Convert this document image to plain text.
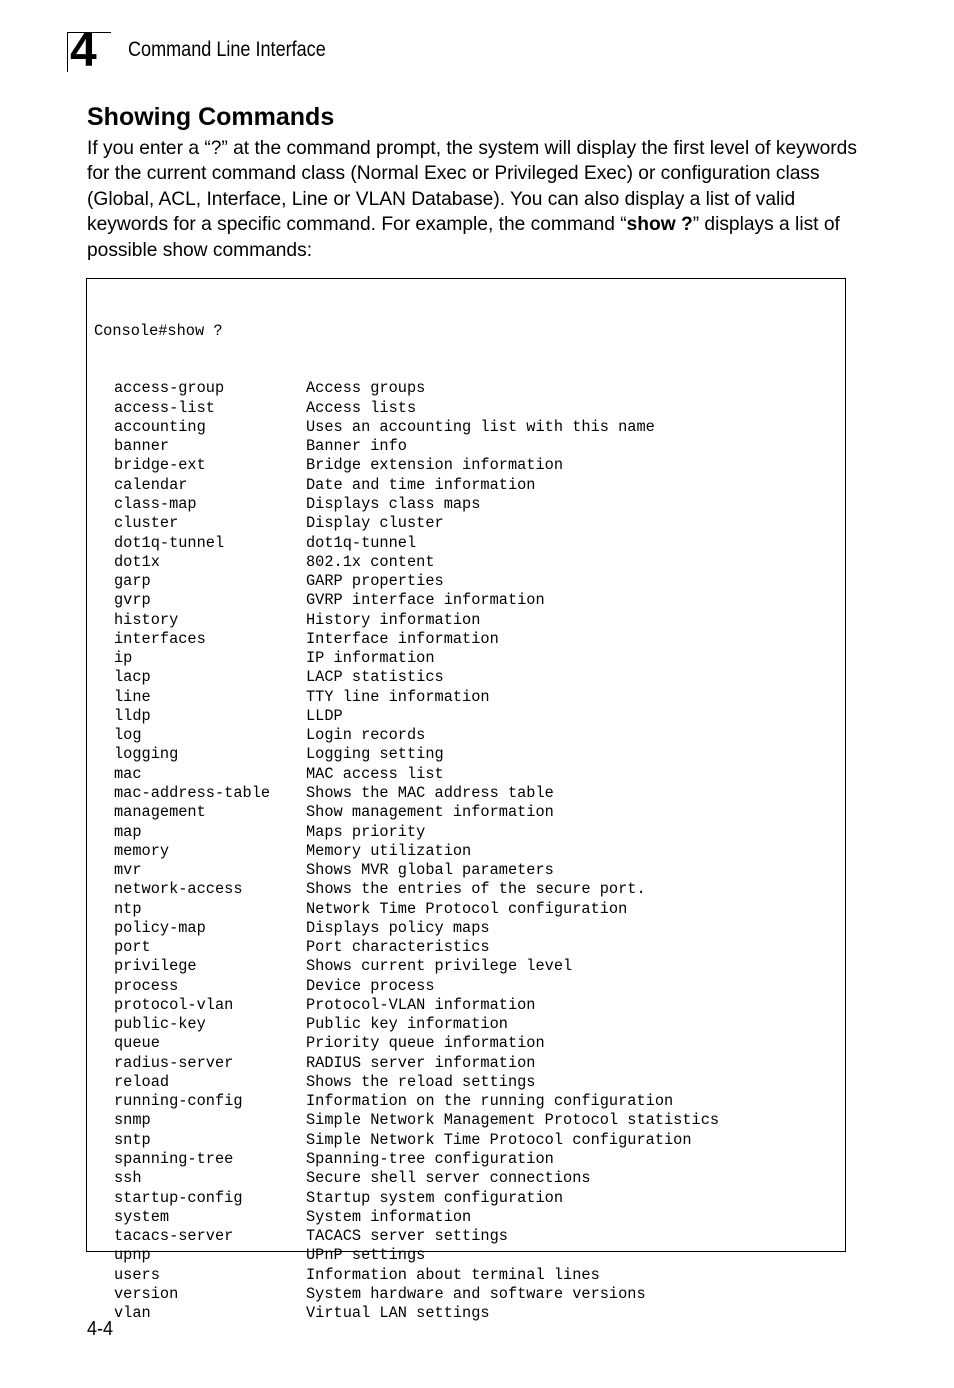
4 Command Line Interface
Showing Commands

If you enter a “?” at the command prompt, the system will display the first level of keywords for the current command class (Normal Exec or Privileged Exec) or configuration class (Global, ACL, Interface, Line or VLAN Database). You can also display a list of valid keywords for a specific command. For example, the command “show ?” displays a list of possible show commands:

Console#show ?

access-group	Access groups
access-list	Access lists
accounting	Uses an accounting list with this name
banner	Banner info
bridge-ext	Bridge extension information
calendar	Date and time information
class-map	Displays class maps
cluster	Display cluster
dot1q-tunnel	dot1q-tunnel
dot1x	802.1x content
garp	GARP properties
gvrp	GVRP interface information
history	History information
interfaces	Interface information
ip	IP information
lacp	LACP statistics
line	TTY line information
lldp	LLDP
log	Login records
logging	Logging setting
mac	MAC access list
mac-address-table Shows the MAC address table
management	Show management information
map	Maps priority
memory	Memory utilization
mvr	Shows MVR global parameters
network-access	Shows the entries of the secure port.
ntp	Network Time Protocol configuration
policy-map	Displays policy maps
port	Port characteristics
privilege	Shows current privilege level
process	Device process
protocol-vlan	Protocol-VLAN information
public-key	Public key information
queue	Priority queue information
radius-server	RADIUS server information
reload	Shows the reload settings
running-config	Information on the running configuration
snmp	Simple Network Management Protocol statistics
sntp	Simple Network Time Protocol configuration
spanning-tree	Spanning-tree configuration
ssh	Secure shell server connections
startup-config	Startup system configuration
system	System information
tacacs-server	TACACS server settings
upnp	UPnP settings
users	Information about terminal lines
version	System hardware and software versions
vlan	Virtual LAN settings

4-4
